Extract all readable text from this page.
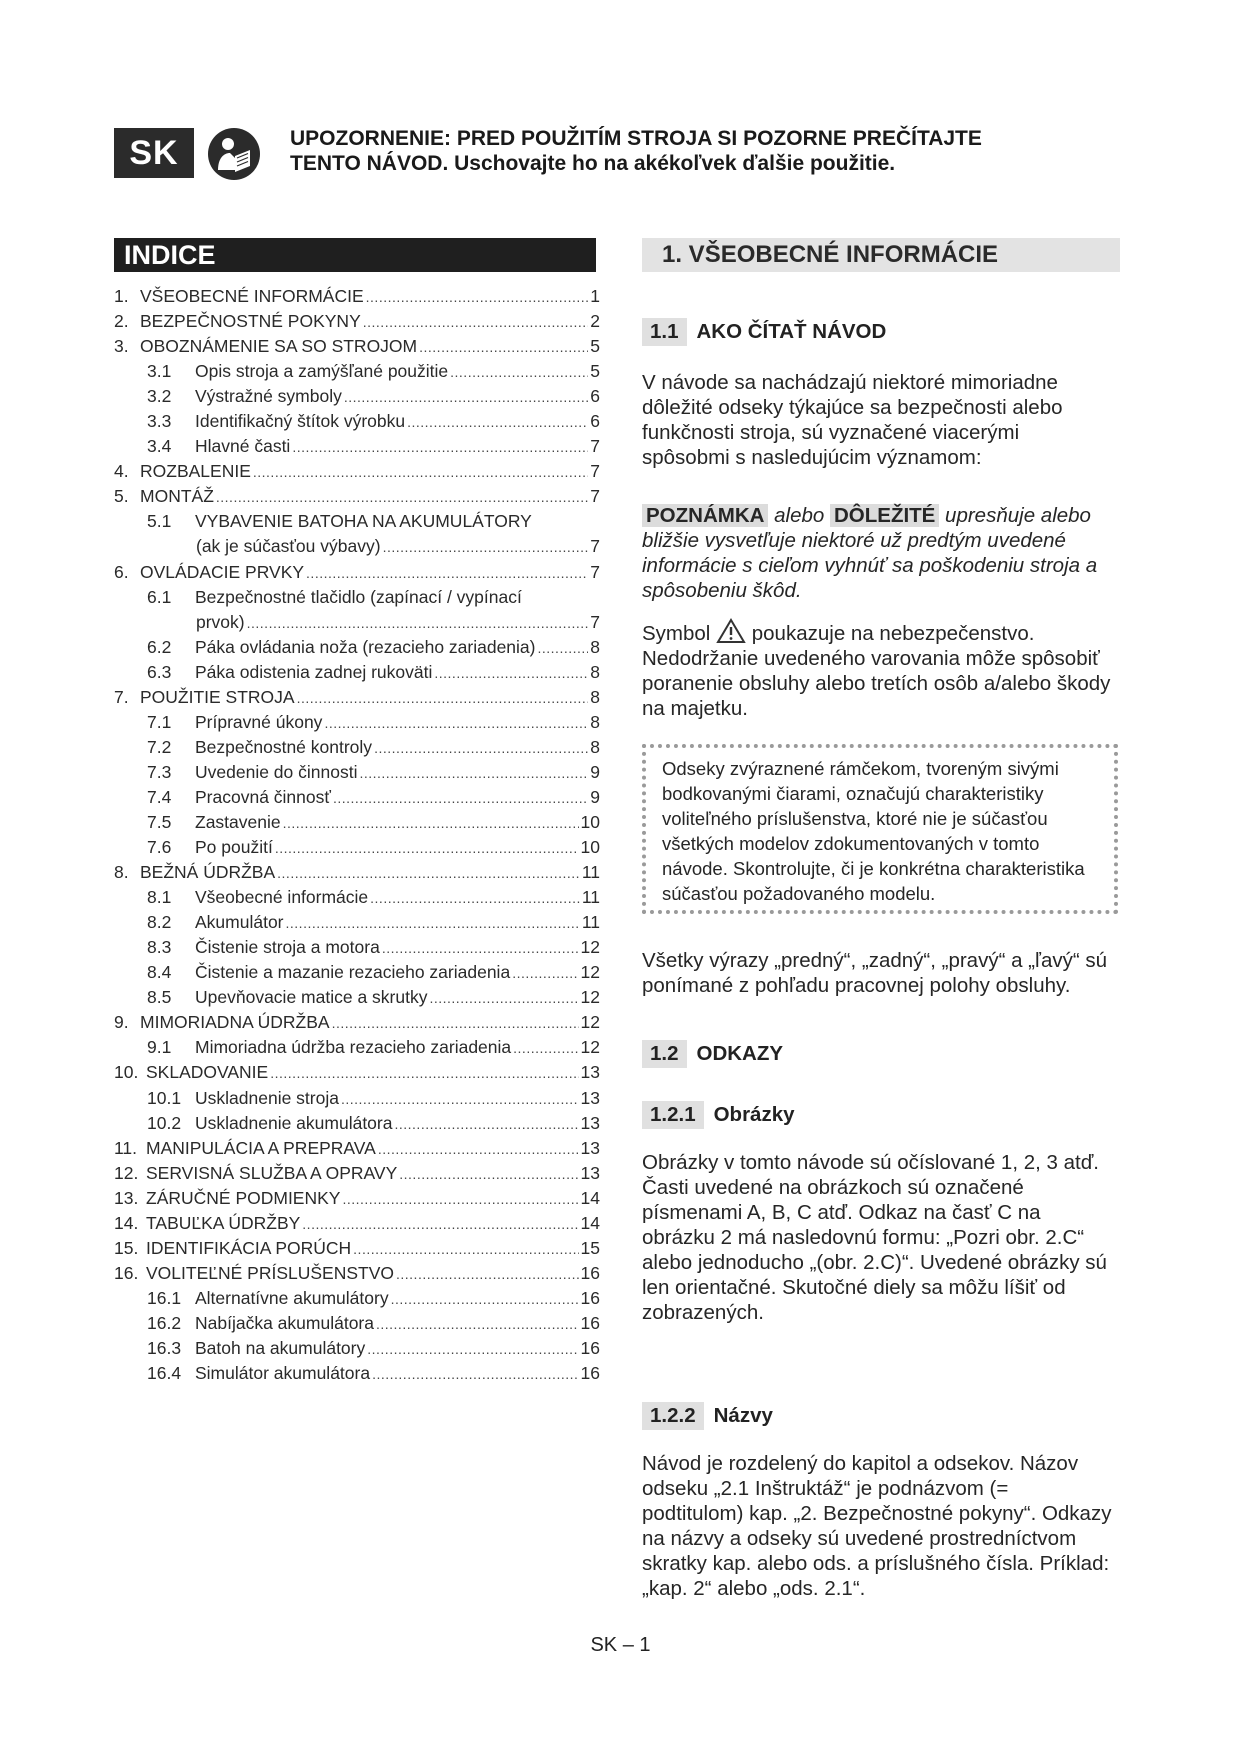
SK	UPOZORNENIE: PRED POUŽITÍM STROJA SI POZORNE PREČÍTAJTE
TENTO NÁVOD. Uschovajte ho na akékoľvek ďalšie použitie.
INDICE
1. VŠEOBECNÉ INFORMÁCIE .....	1
2. BEZPEČNOSTNÉ POKYNY .....	2
3. OBOZNÁMENIE SA SO STROJOM .....	5
3.1	Opis stroja a zamýšľané použitie .....	5
3.2	Výstražné symboly .....	6
3.3	Identifikačný štítok výrobku .....	6
3.4	Hlavné časti .....	7
4. ROZBALENIE .....	7
5. MONTÁŽ .....	7
5.1	VYBAVENIE BATOHA NA AKUMULÁTORY
(ak je súčasťou výbavy) .....	7
6. OVLÁDACIE PRVKY .....	7
6.1	Bezpečnostné tlačidlo (zapínací / vypínací
prvok) .....	7
6.2	Páka ovládania noža (rezacieho zariadenia) .....	8
6.3	Páka odistenia zadnej rukoväti .....	8
7. POUŽITIE STROJA .....	8
7.1	Prípravné úkony .....	8
7.2	Bezpečnostné kontroly .....	8
7.3	Uvedenie do činnosti .....	9
7.4	Pracovná činnosť .....	9
7.5	Zastavenie .....	10
7.6	Po použití .....	10
8. BEŽNÁ ÚDRŽBA .....	11
8.1	Všeobecné informácie .....	11
8.2	Akumulátor .....	11
8.3	Čistenie stroja a motora .....	12
8.4	Čistenie a mazanie rezacieho zariadenia .....	12
8.5	Upevňovacie matice a skrutky .....	12
9. MIMORIADNA ÚDRŽBA .....	12
9.1	Mimoriadna údržba rezacieho zariadenia .....	12
10. SKLADOVANIE .....	13
10.1 Uskladnenie stroja .....	13
10.2 Uskladnenie akumulátora .....	13
11. MANIPULÁCIA A PREPRAVA .....	13
12. SERVISNÁ SLUŽBA A OPRAVY .....	13
13. ZÁRUČNÉ PODMIENKY .....	14
14. TABUĽKA ÚDRŽBY .....	14
15. IDENTIFIKÁCIA PORÚCH .....	15
16. VOLITEĽNÉ PRÍSLUŠENSTVO .....	16
16.1 Alternatívne akumulátory .....	16
16.2 Nabíjačka akumulátora .....	16
16.3 Batoh na akumulátory .....	16
16.4 Simulátor akumulátora .....	16
1. VŠEOBECNÉ INFORMÁCIE
1.1 AKO ČÍTAŤ NÁVOD
V návode sa nachádzajú niektoré mimoriadne dôležité odseky týkajúce sa bezpečnosti alebo funkčnosti stroja, sú vyznačené viacerými spôsobmi s nasledujúcim významom:
POZNÁMKA alebo DÔLEŽITÉ upresňuje alebo bližšie vysvetľuje niektoré už predtým uvedené informácie s cieľom vyhnúť sa poškodeniu stroja a spôsobeniu škôd.
Symbol  poukazuje na nebezpečenstvo. Nedodržanie uvedeného varovania môže spôsobiť poranenie obsluhy alebo tretích osôb a/alebo škody na majetku.
Odseky zvýraznené rámčekom, tvoreným sivými bodkovanými čiarami, označujú charakteristiky voliteľného príslušenstva, ktoré nie je súčasťou všetkých modelov zdokumentovaných v tomto návode. Skontrolujte, či je konkrétna charakteristika súčasťou požadovaného modelu.
Všetky výrazy „predný“, „zadný“, „pravý“ a „ľavý“ sú ponímané z pohľadu pracovnej polohy obsluhy.
1.2 ODKAZY
1.2.1 Obrázky
Obrázky v tomto návode sú očíslované 1, 2, 3 atď. Časti uvedené na obrázkoch sú označené písmenami A, B, C atď. Odkaz na časť C na obrázku 2 má nasledovnú formu: „Pozri obr. 2.C“ alebo jednoducho „(obr. 2.C)“. Uvedené obrázky sú len orientačné. Skutočné diely sa môžu líšiť od zobrazených.
1.2.2 Názvy
Návod je rozdelený do kapitol a odsekov. Názov odseku „2.1 Inštruktáž“ je podnázvom (= podtitulom) kap. „2. Bezpečnostné pokyny“. Odkazy na názvy a odseky sú uvedené prostredníctvom skratky kap. alebo ods. a príslušného čísla. Príklad: „kap. 2“ alebo „ods. 2.1“.
SK – 1
